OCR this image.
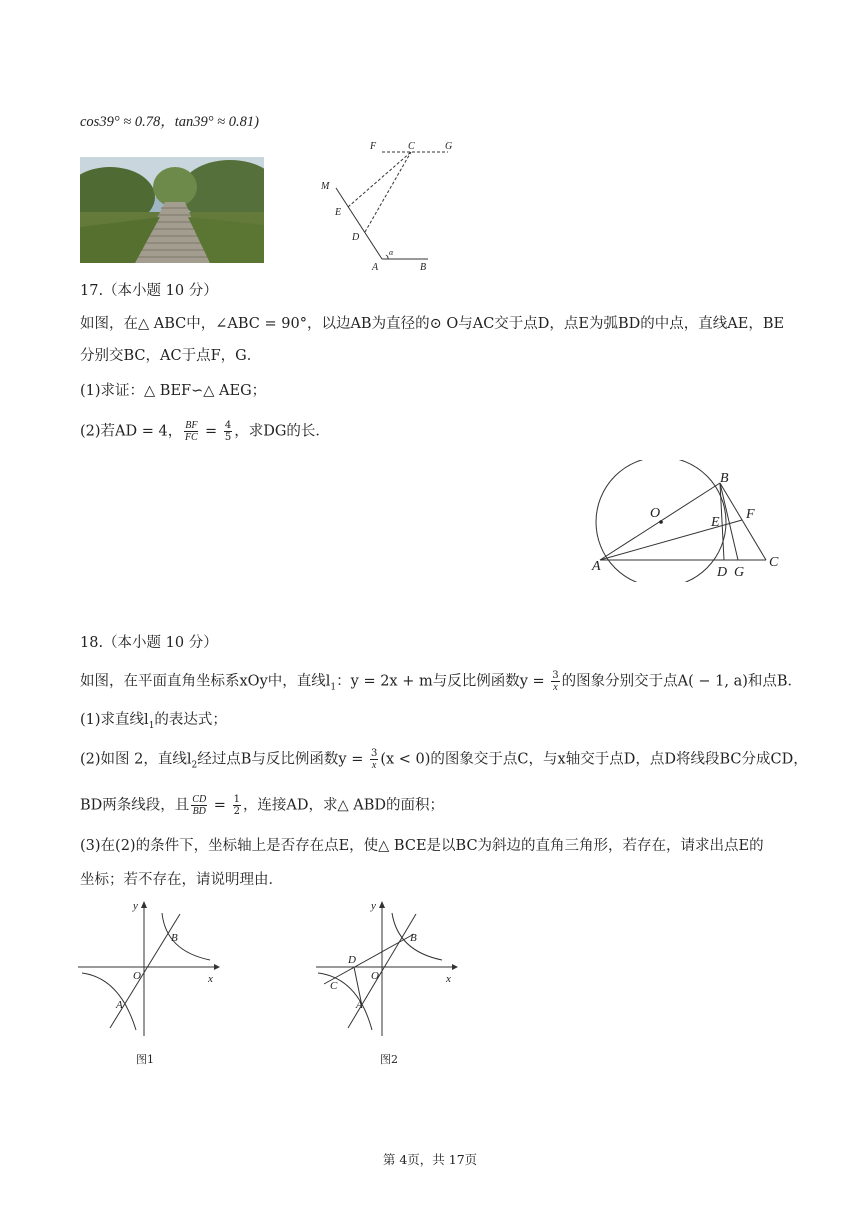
cos39° ≈ 0.78，tan39° ≈ 0.81)
F	C	G
M
E
D
A	B
α
17.（本小题 10 分）
如图，在△ ABC中，∠ABC = 90°，以边AB为直径的⊙ O与AC交于点D，点E为弧BD的中点，直线AE，BE
分别交BC，AC于点F，G．
(1)求证：△ BEF∽△ AEG；
(2)若AD = 4， $\frac{BF}{FC} = \frac{4}{5}$ ，求DG的长．
B
O
E
F
A	D G
C
18.（本小题 10 分）
如图，在平面直角坐标系xOy中，直线$l_1$：y = 2x + m与反比例函数$y = \frac{3}{x}$ 的图象分别交于点A( − 1, a)和点B．
(1)求直线$l_1$的表达式；
(2)如图 2，直线$l_2$经过点B与反比例函数$y = \frac{3}{x} (x < 0)$的图象交于点C，与x轴交于点D，点D将线段BC分成CD，
BD两条线段，且 $\frac{CD}{BD} = \frac{1}{2}$ ，连接AD，求△ ABD的面积；
(3)在(2)的条件下，坐标轴上是否存在点E，使△ BCE是以BC为斜边的直角三角形，若存在，请求出点E的
坐标；若不存在，请说明理由．
y
x
O
B
A
图1
y
x
O
B
A
C
D
图2
第 4页，共 17页
